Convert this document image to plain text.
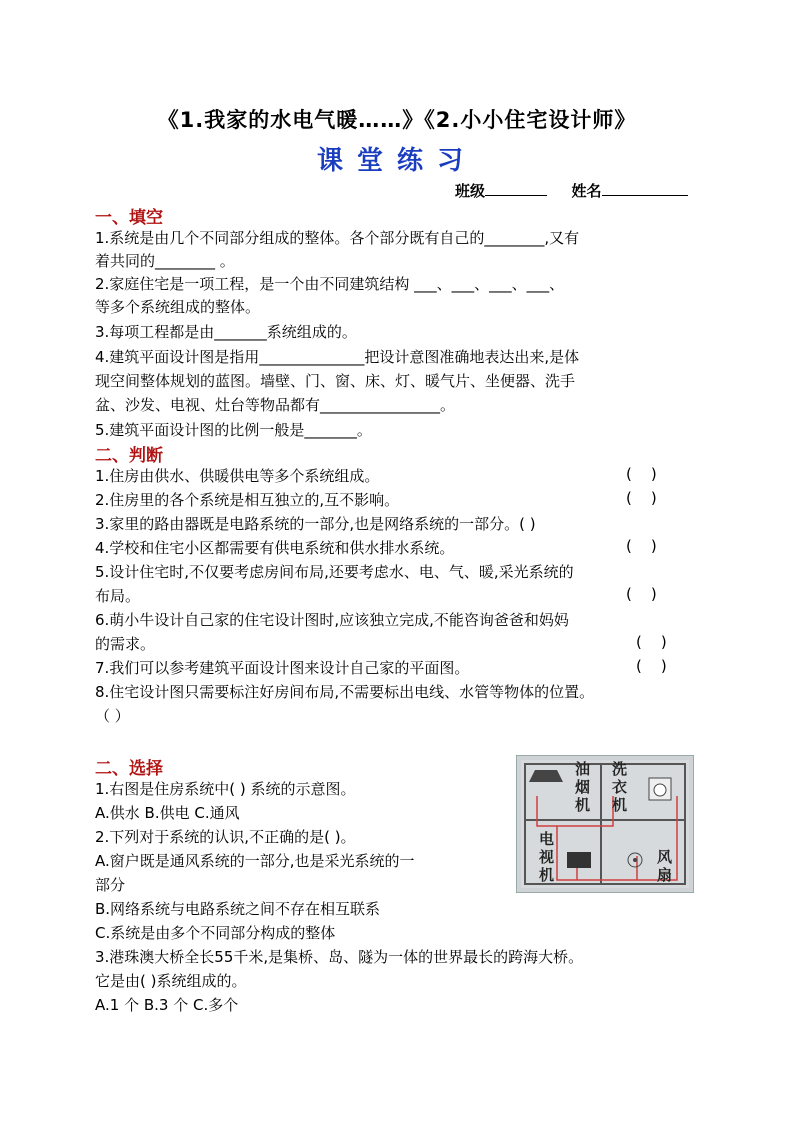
《1.我家的水电气暖……》《2.小小住宅设计师》
课堂练习
班级	姓名
一、填空
1.系统是由几个不同部分组成的整体。各个部分既有自己的________,又有
着共同的________ 。
2.家庭住宅是一项工程，是一个由不同建筑结构 ___、___、___、___、
等多个系统组成的整体。
3.每项工程都是由_______系统组成的。
4.建筑平面设计图是指用______________把设计意图准确地表达出来,是体
现空间整体规划的蓝图。墙壁、门、窗、床、灯、暖气片、坐便器、洗手
盆、沙发、电视、灶台等物品都有________________。
5.建筑平面设计图的比例一般是_______。
二、判断
1.住房由供水、供暖供电等多个系统组成。	(    )
2.住房里的各个系统是相互独立的,互不影响。	(    )
3.家里的路由器既是电路系统的一部分,也是网络系统的一部分。( )
4.学校和住宅小区都需要有供电系统和供水排水系统。	(    )
5.设计住宅时,不仅要考虑房间布局,还要考虑水、电、气、暖,采光系统的
布局。	(    )
6.萌小牛设计自己家的住宅设计图时,应该独立完成,不能咨询爸爸和妈妈
的需求。	(    )
7.我们可以参考建筑平面设计图来设计自己家的平面图。	(    )
8.住宅设计图只需要标注好房间布局,不需要标出电线、水管等物体的位置。
（ ）
二、选择
1.右图是住房系统中( ) 系统的示意图。
A.供水 B.供电 C.通风
2.下列对于系统的认识,不正确的是( )。
A.窗户既是通风系统的一部分,也是采光系统的一
部分
B.网络系统与电路系统之间不存在相互联系
C.系统是由多个不同部分构成的整体
3.港珠澳大桥全长55千米,是集桥、岛、隧为一体的世界最长的跨海大桥。
它是由( )系统组成的。
A.1 个 B.3 个 C.多个
油烟机
洗衣机
电视机
风扇
